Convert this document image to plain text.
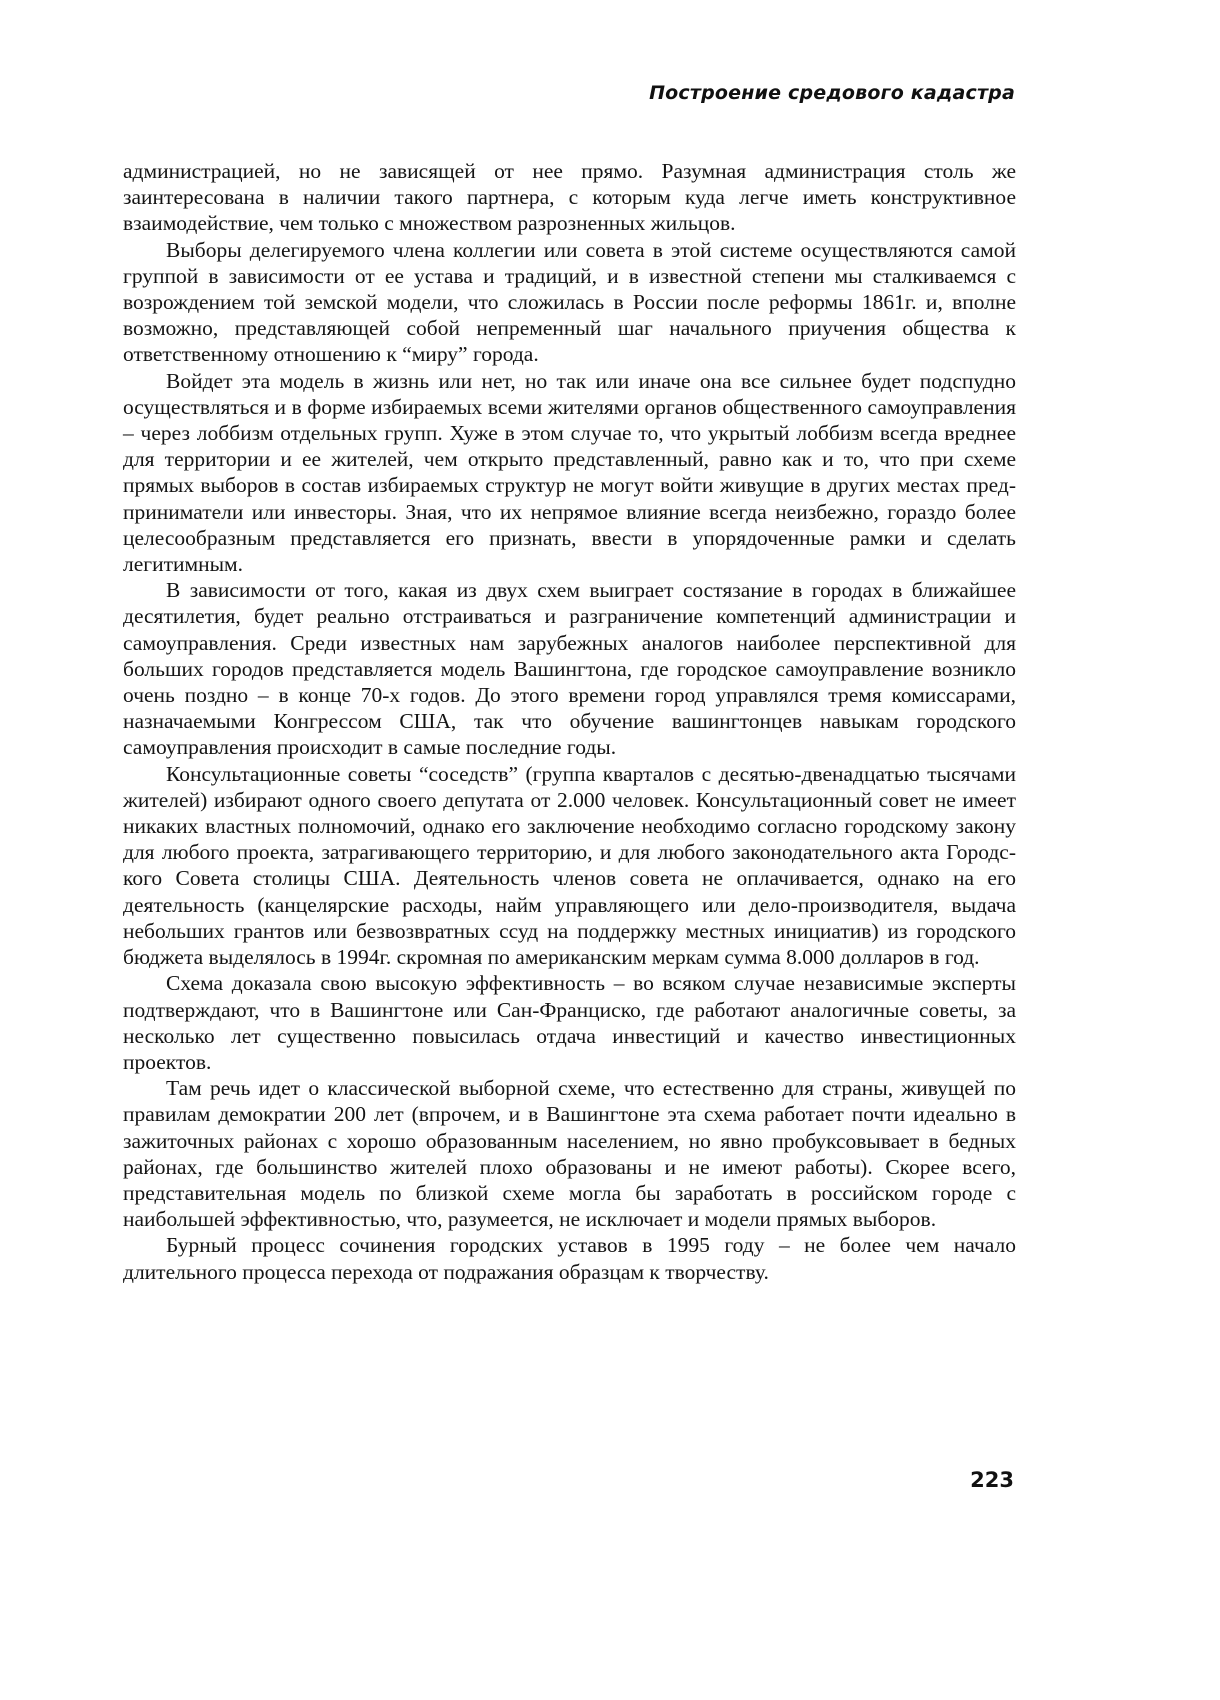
Построение средового кадастра

администрацией, но не зависящей от нее прямо. Разумная администрация столь же заинтересована в наличии такого партнера, с которым куда легче иметь конструктивное взаимодействие, чем только с множеством разрозненных жильцов.

Выборы делегируемого члена коллегии или совета в этой системе осуществляются самой группой в зависимости от ее устава и традиций, и в известной степени мы сталкиваемся с возрождением той земской модели, что сложилась в России после реформы 1861г. и, вполне возможно, представляющей собой непременный шаг начального приучения общества к ответственному отношению к “миру” города.

Войдет эта модель в жизнь или нет, но так или иначе она все сильнее будет подспудно осуществляться и в форме избираемых всеми жителями органов общественного самоуправления – через лоббизм отдельных групп. Хуже в этом случае то, что укрытый лоббизм всегда вреднее для территории и ее жителей, чем открыто представленный, равно как и то, что при схеме прямых выборов в состав избираемых структур не могут войти живущие в других местах предприниматели или инвесторы. Зная, что их непрямое влияние всегда неизбежно, гораздо более целесообразным представляется его признать, ввести в упорядоченные рамки и сделать легитимным.

В зависимости от того, какая из двух схем выиграет состязание в городах в ближайшее десятилетия, будет реально отстраиваться и разграничение компетенций администрации и самоуправления. Среди известных нам зарубежных аналогов наиболее перспективной для больших городов представляется модель Вашингтона, где городское самоуправление возникло очень поздно – в конце 70-х годов. До этого времени город управлялся тремя комиссарами, назначаемыми Конгрессом США, так что обучение вашингтонцев навыкам городского самоуправления происходит в самые последние годы.

Консультационные советы “соседств” (группа кварталов с десятью-двенадцатью тысячами жителей) избирают одного своего депутата от 2.000 человек. Консультационный совет не имеет никаких властных полномочий, однако его заключение необходимо согласно городскому закону для любого проекта, затрагивающего территорию, и для любого законодательного акта Городского Совета столицы США. Деятельность членов совета не оплачивается, однако на его деятельность (канцелярские расходы, найм управляющего или дело-производителя, выдача небольших грантов или безвозвратных ссуд на поддержку местных инициатив) из городского бюджета выделялось в 1994г. скромная по американским меркам сумма 8.000 долларов в год.

Схема доказала свою высокую эффективность – во всяком случае независимые эксперты подтверждают, что в Вашингтоне или Сан-Франциско, где работают аналогичные советы, за несколько лет существенно повысилась отдача инвестиций и качество инвестиционных проектов.

Там речь идет о классической выборной схеме, что естественно для страны, живущей по правилам демократии 200 лет (впрочем, и в Вашингтоне эта схема работает почти идеально в зажиточных районах с хорошо образованным населением, но явно пробуксовывает в бедных районах, где большинство жителей плохо образованы и не имеют работы). Скорее всего, представительная модель по близкой схеме могла бы заработать в российском городе с наибольшей эффективностью, что, разумеется, не исключает и модели прямых выборов.

Бурный процесс сочинения городских уставов в 1995 году – не более чем начало длительного процесса перехода от подражания образцам к творчеству.

223
